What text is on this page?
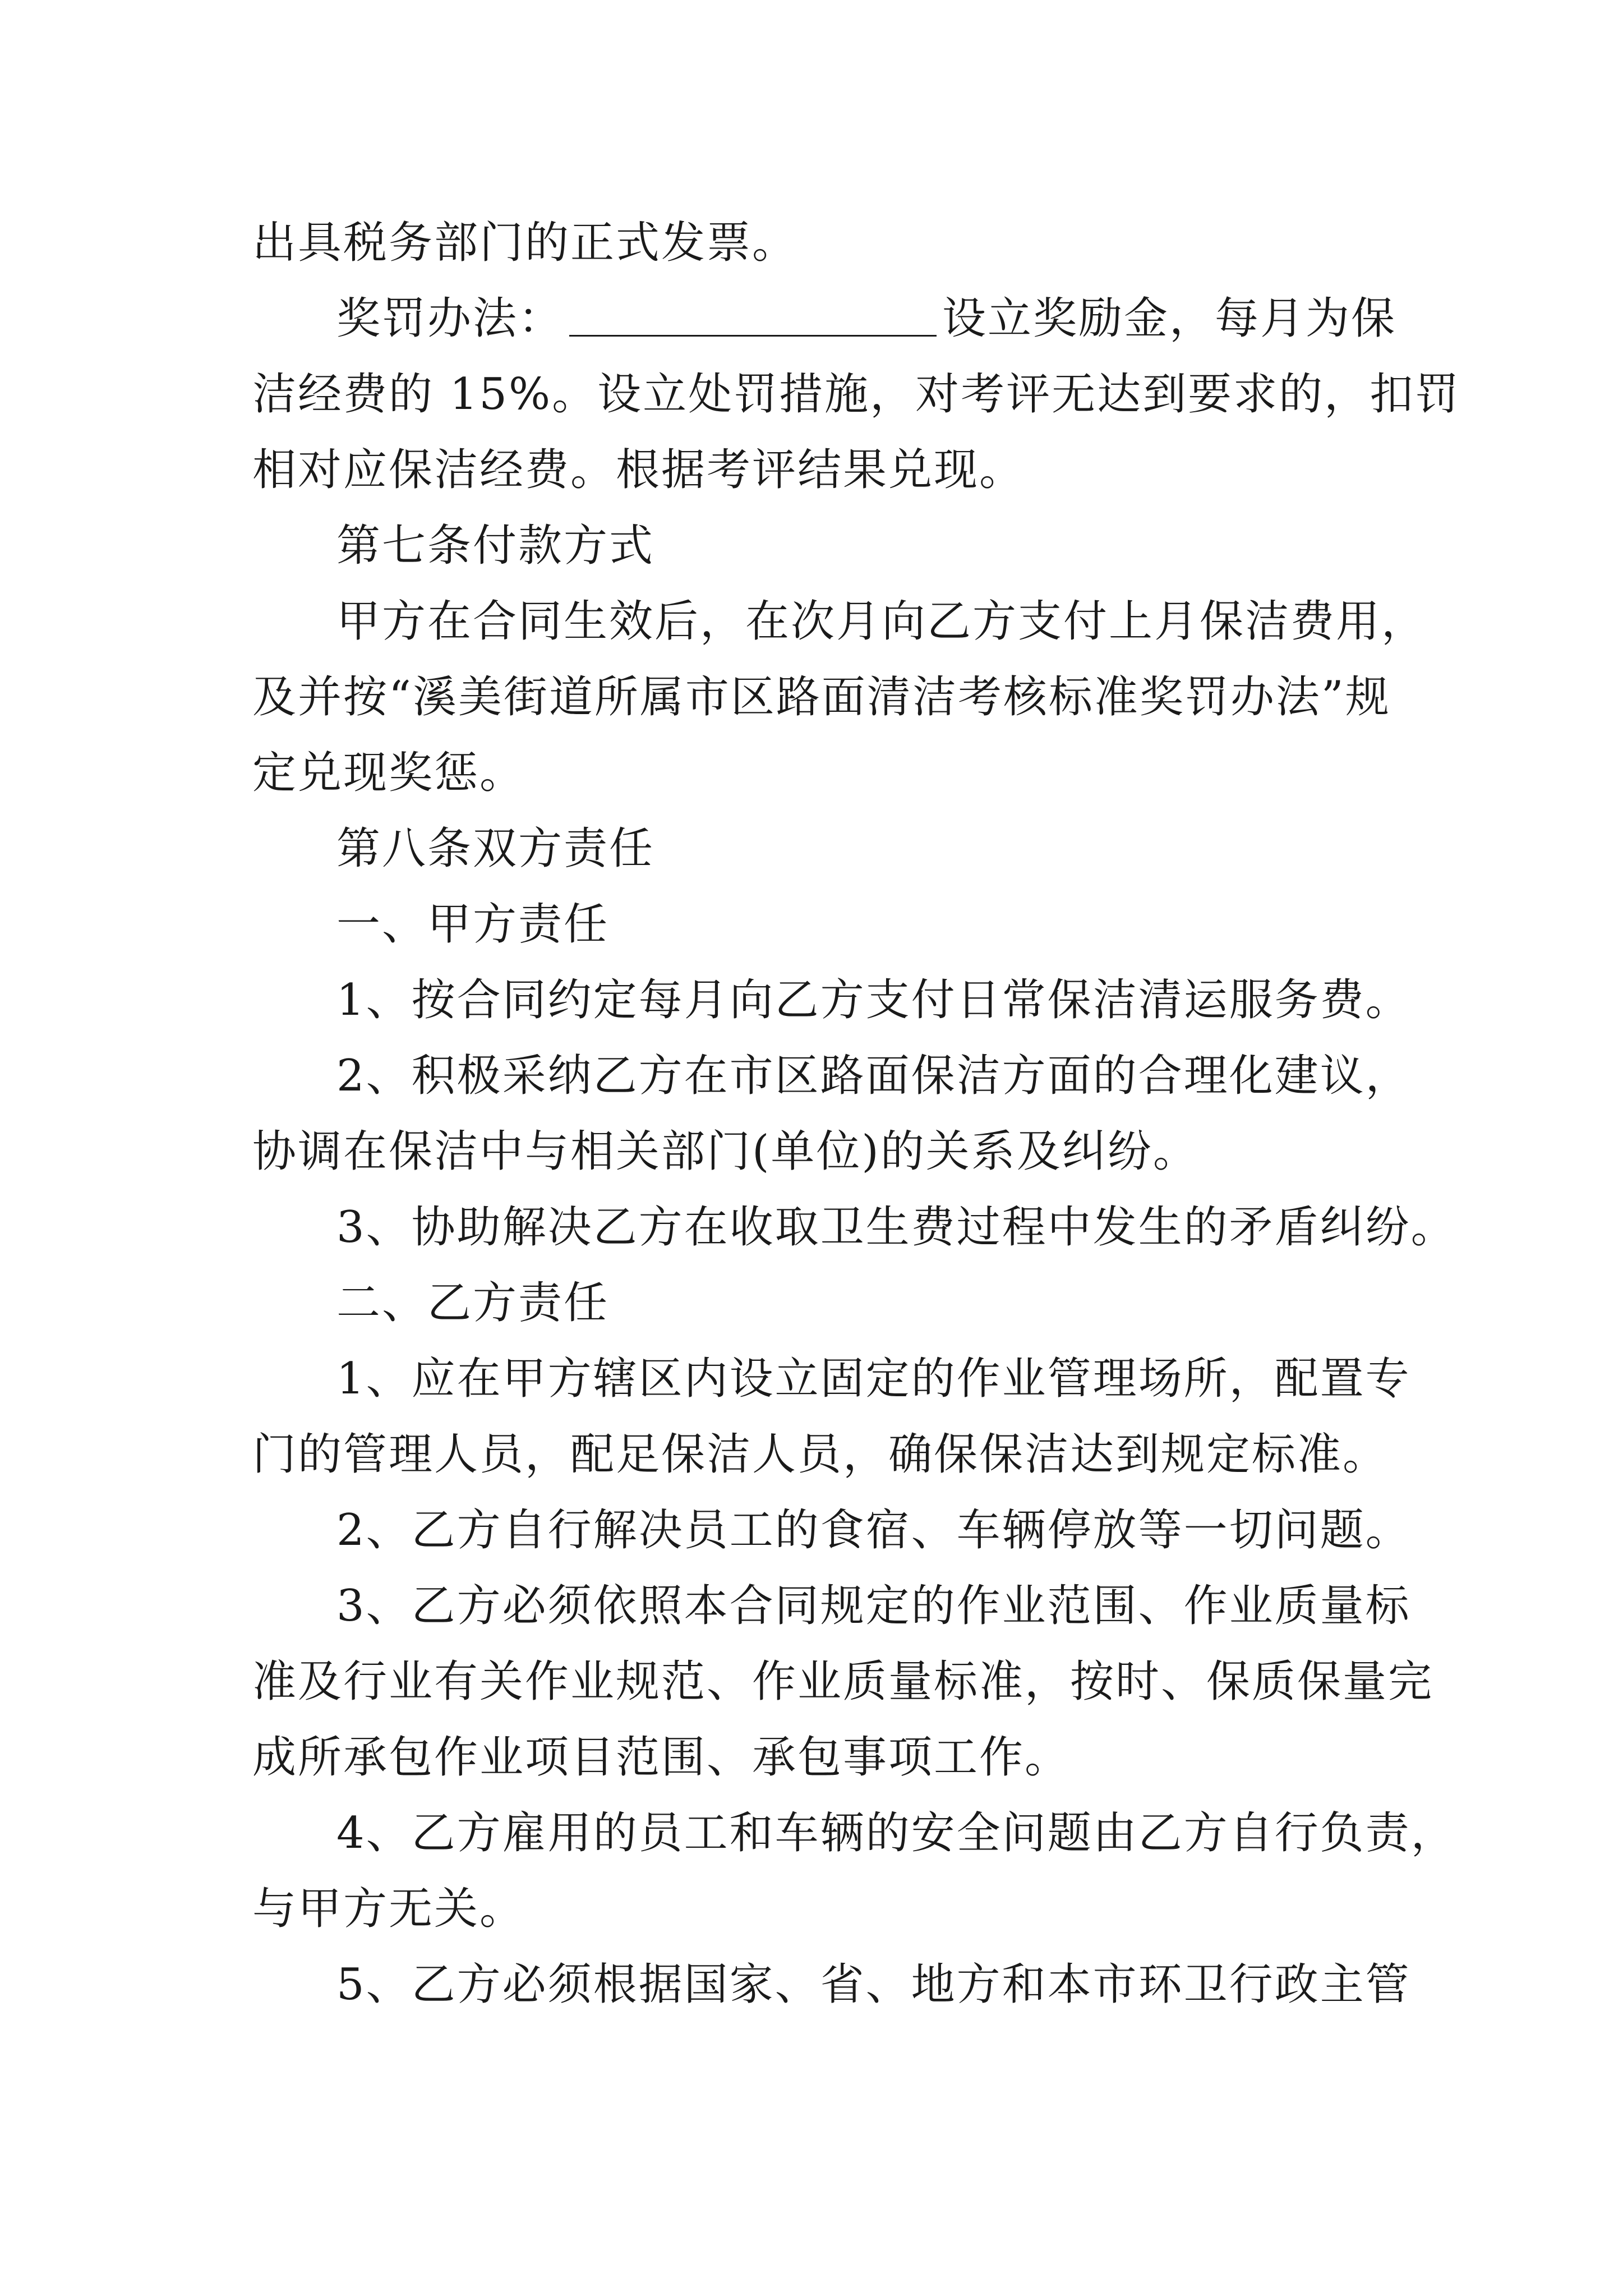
出具税务部门的正式发票。
奖罚办法：	设立奖励金，每月为保
洁经费的 15%。设立处罚措施，对考评无达到要求的，扣罚
相对应保洁经费。根据考评结果兑现。
第七条付款方式
甲方在合同生效后，在次月向乙方支付上月保洁费用，
及并按“溪美街道所属市区路面清洁考核标准奖罚办法”规
定兑现奖惩。
第八条双方责任
一、甲方责任
1、按合同约定每月向乙方支付日常保洁清运服务费。
2、积极采纳乙方在市区路面保洁方面的合理化建议，
协调在保洁中与相关部门(单位)的关系及纠纷。
3、协助解决乙方在收取卫生费过程中发生的矛盾纠纷。
二、乙方责任
1、应在甲方辖区内设立固定的作业管理场所，配置专
门的管理人员，配足保洁人员，确保保洁达到规定标准。
2、乙方自行解决员工的食宿、车辆停放等一切问题。
3、乙方必须依照本合同规定的作业范围、作业质量标
准及行业有关作业规范、作业质量标准，按时、保质保量完
成所承包作业项目范围、承包事项工作。
4、乙方雇用的员工和车辆的安全问题由乙方自行负责，
与甲方无关。
5、乙方必须根据国家、省、地方和本市环卫行政主管
